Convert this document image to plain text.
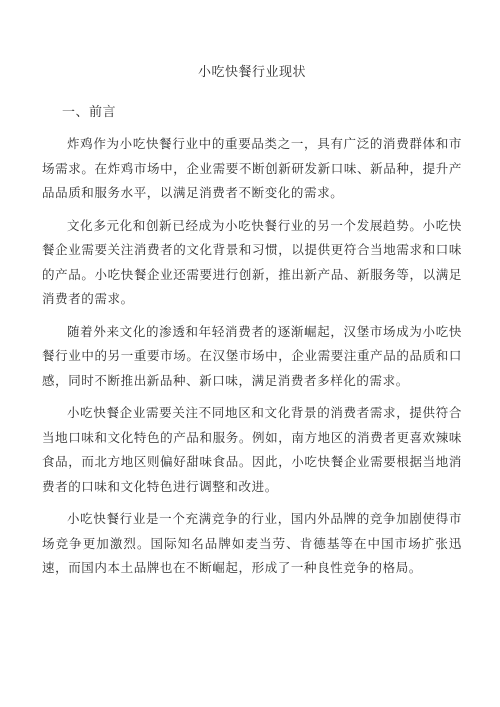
小吃快餐行业现状
一、前言

炸鸡作为小吃快餐行业中的重要品类之一，具有广泛的消费群体和市场需求。在炸鸡市场中，企业需要不断创新研发新口味、新品种，提升产品品质和服务水平，以满足消费者不断变化的需求。

文化多元化和创新已经成为小吃快餐行业的另一个发展趋势。小吃快餐企业需要关注消费者的文化背景和习惯，以提供更符合当地需求和口味的产品。小吃快餐企业还需要进行创新，推出新产品、新服务等，以满足消费者的需求。

随着外来文化的渗透和年轻消费者的逐渐崛起，汉堡市场成为小吃快餐行业中的另一重要市场。在汉堡市场中，企业需要注重产品的品质和口感，同时不断推出新品种、新口味，满足消费者多样化的需求。

小吃快餐企业需要关注不同地区和文化背景的消费者需求，提供符合当地口味和文化特色的产品和服务。例如，南方地区的消费者更喜欢辣味食品，而北方地区则偏好甜味食品。因此，小吃快餐企业需要根据当地消费者的口味和文化特色进行调整和改进。

小吃快餐行业是一个充满竞争的行业，国内外品牌的竞争加剧使得市场竞争更加激烈。国际知名品牌如麦当劳、肯德基等在中国市场扩张迅速，而国内本土品牌也在不断崛起，形成了一种良性竞争的格局。
